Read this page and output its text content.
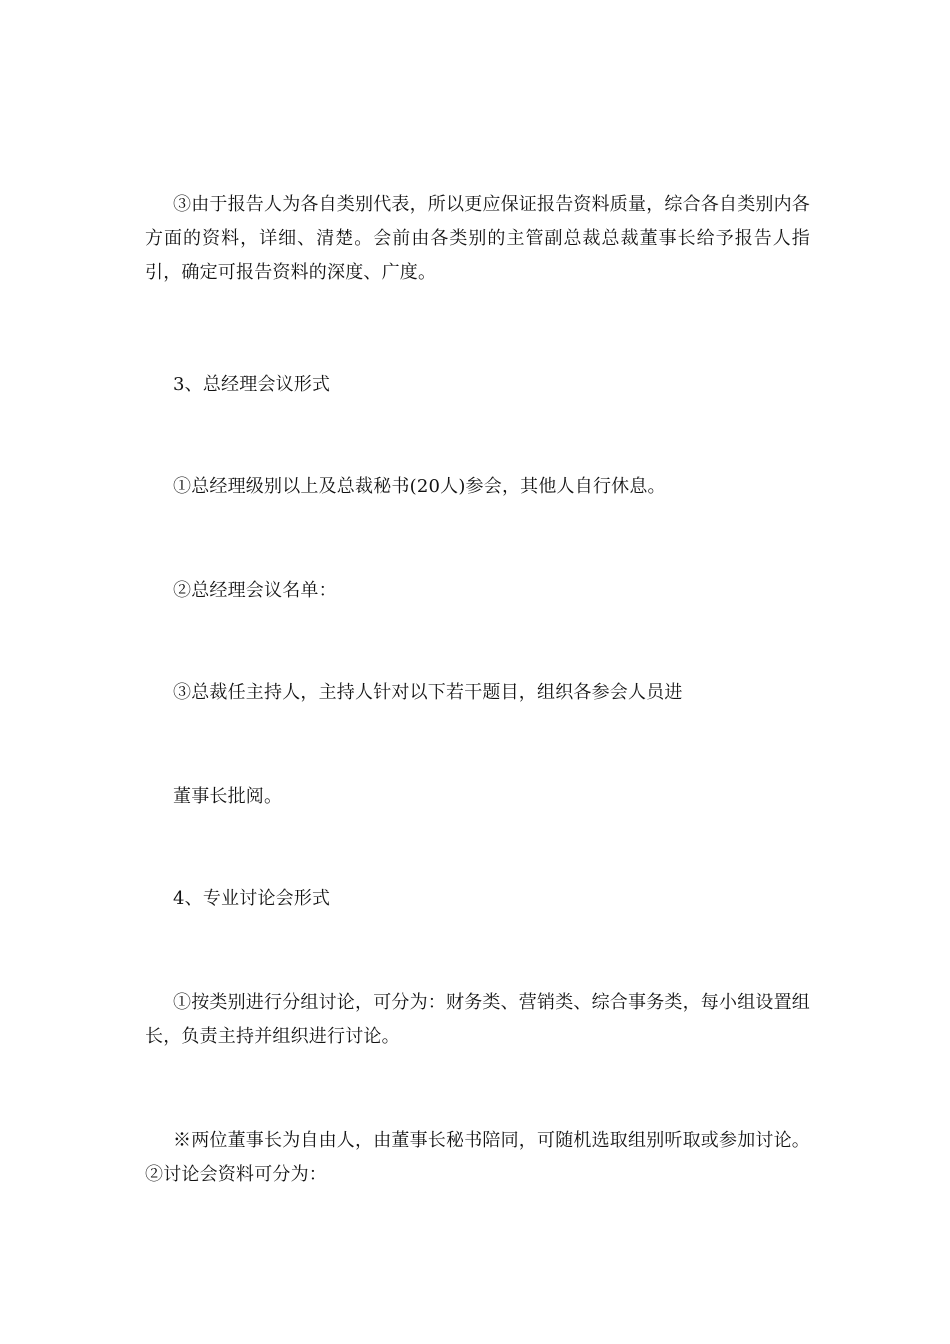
③由于报告人为各自类别代表，所以更应保证报告资料质量，综合各自类别内各方面的资料，详细、清楚。会前由各类别的主管副总裁总裁董事长给予报告人指引，确定可报告资料的深度、广度。

3、总经理会议形式

①总经理级别以上及总裁秘书(20人)参会，其他人自行休息。

②总经理会议名单：

③总裁任主持人，主持人针对以下若干题目，组织各参会人员进

董事长批阅。

4、专业讨论会形式

①按类别进行分组讨论，可分为：财务类、营销类、综合事务类，每小组设置组长，负责主持并组织进行讨论。

※两位董事长为自由人，由董事长秘书陪同，可随机选取组别听取或参加讨论。②讨论会资料可分为：
